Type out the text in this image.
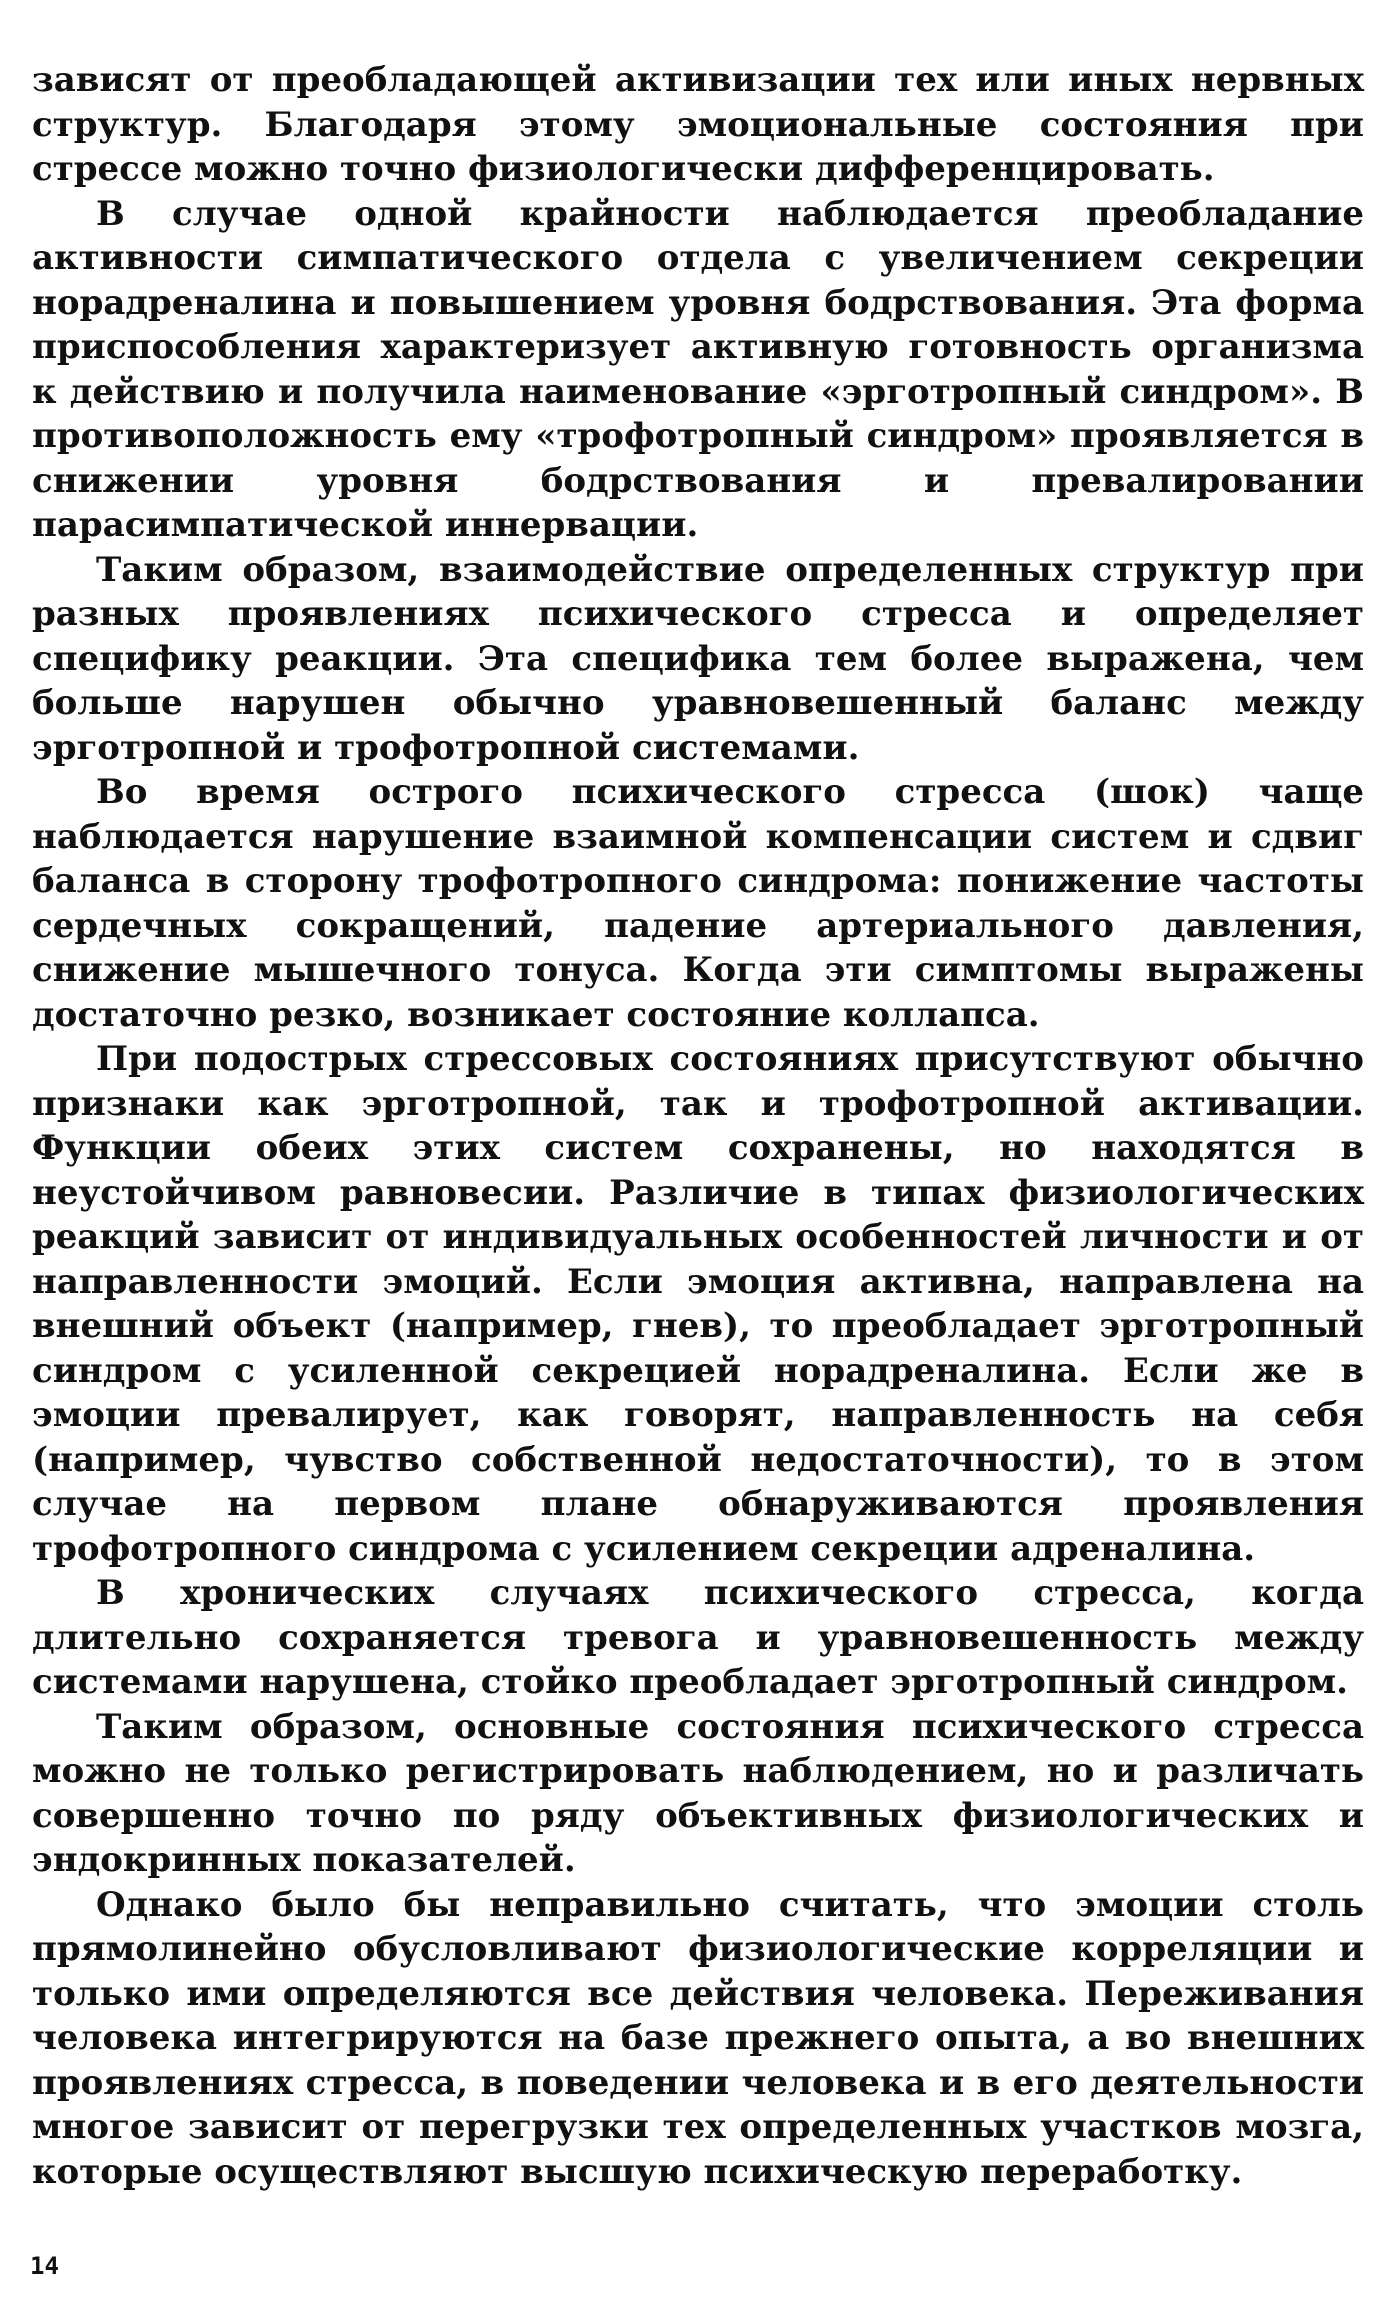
зависят от преобладающей активизации тех или иных нервных структур. Благодаря этому эмоциональные состояния при стрессе можно точно физиологически дифференцировать.

В случае одной крайности наблюдается преобладание активности симпатического отдела с увеличением секреции норадреналина и повышением уровня бодрствования. Эта форма приспособления характеризует активную готовность организма к действию и получила наименование «эрготропный синдром». В противоположность ему «трофотропный синдром» проявляется в снижении уровня бодрствования и превалировании парасимпатической иннервации.

Таким образом, взаимодействие определенных структур при разных проявлениях психического стресса и определяет специфику реакции. Эта специфика тем более выражена, чем больше нарушен обычно уравновешенный баланс между эрготропной и трофотропной системами.

Во время острого психического стресса (шок) чаще наблюдается нарушение взаимной компенсации систем и сдвиг баланса в сторону трофотропного синдрома: понижение частоты сердечных сокращений, падение артериального давления, снижение мышечного тонуса. Когда эти симптомы выражены достаточно резко, возникает состояние коллапса.

При подострых стрессовых состояниях присутствуют обычно признаки как эрготропной, так и трофотропной активации. Функции обеих этих систем сохранены, но находятся в неустойчивом равновесии. Различие в типах физиологических реакций зависит от индивидуальных особенностей личности и от направленности эмоций. Если эмоция активна, направлена на внешний объект (например, гнев), то преобладает эрготропный синдром с усиленной секрецией норадреналина. Если же в эмоции превалирует, как говорят, направленность на себя (например, чувство собственной недостаточности), то в этом случае на первом плане обнаруживаются проявления трофотропного синдрома с усилением секреции адреналина.

В хронических случаях психического стресса, когда длительно сохраняется тревога и уравновешенность между системами нарушена, стойко преобладает эрготропный синдром.

Таким образом, основные состояния психического стресса можно не только регистрировать наблюдением, но и различать совершенно точно по ряду объективных физиологических и эндокринных показателей.

Однако было бы неправильно считать, что эмоции столь прямолинейно обусловливают физиологические корреляции и только ими определяются все действия человека. Переживания человека интегрируются на базе прежнего опыта, а во внешних проявлениях стресса, в поведении человека и в его деятельности многое зависит от перегрузки тех определенных участков мозга, которые осуществляют высшую психическую переработку.

14
